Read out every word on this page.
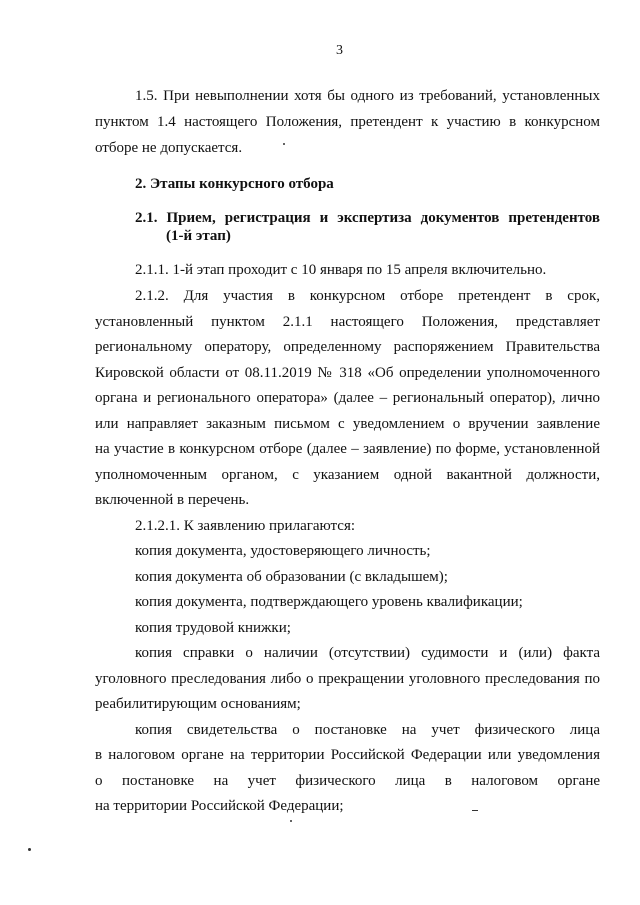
3
1.5. При невыполнении хотя бы одного из требований, установленных
пунктом 1.4 настоящего Положения, претендент к участию в конкурсном
отборе не допускается.
2. Этапы конкурсного отбора
2.1. Прием, регистрация и экспертиза документов претендентов
(1-й этап)
2.1.1. 1-й этап проходит с 10 января по 15 апреля включительно.
2.1.2. Для участия в конкурсном отборе претендент в срок,
установленный пунктом 2.1.1 настоящего Положения, представляет
региональному оператору, определенному распоряжением Правительства
Кировской области от 08.11.2019 № 318 «Об определении уполномоченного
органа и регионального оператора» (далее – региональный оператор), лично
или направляет заказным письмом с уведомлением о вручении заявление
на участие в конкурсном отборе (далее – заявление) по форме, установленной
уполномоченным органом, с указанием одной вакантной должности,
включенной в перечень.
2.1.2.1. К заявлению прилагаются:
копия документа, удостоверяющего личность;
копия документа об образовании (с вкладышем);
копия документа, подтверждающего уровень квалификации;
копия трудовой книжки;
копия справки о наличии (отсутствии) судимости и (или) факта
уголовного преследования либо о прекращении уголовного преследования по
реабилитирующим основаниям;
копия свидетельства о постановке на учет физического лица
в налоговом органе на территории Российской Федерации или уведомления
о постановке на учет физического лица в налоговом органе
на территории Российской Федерации;
